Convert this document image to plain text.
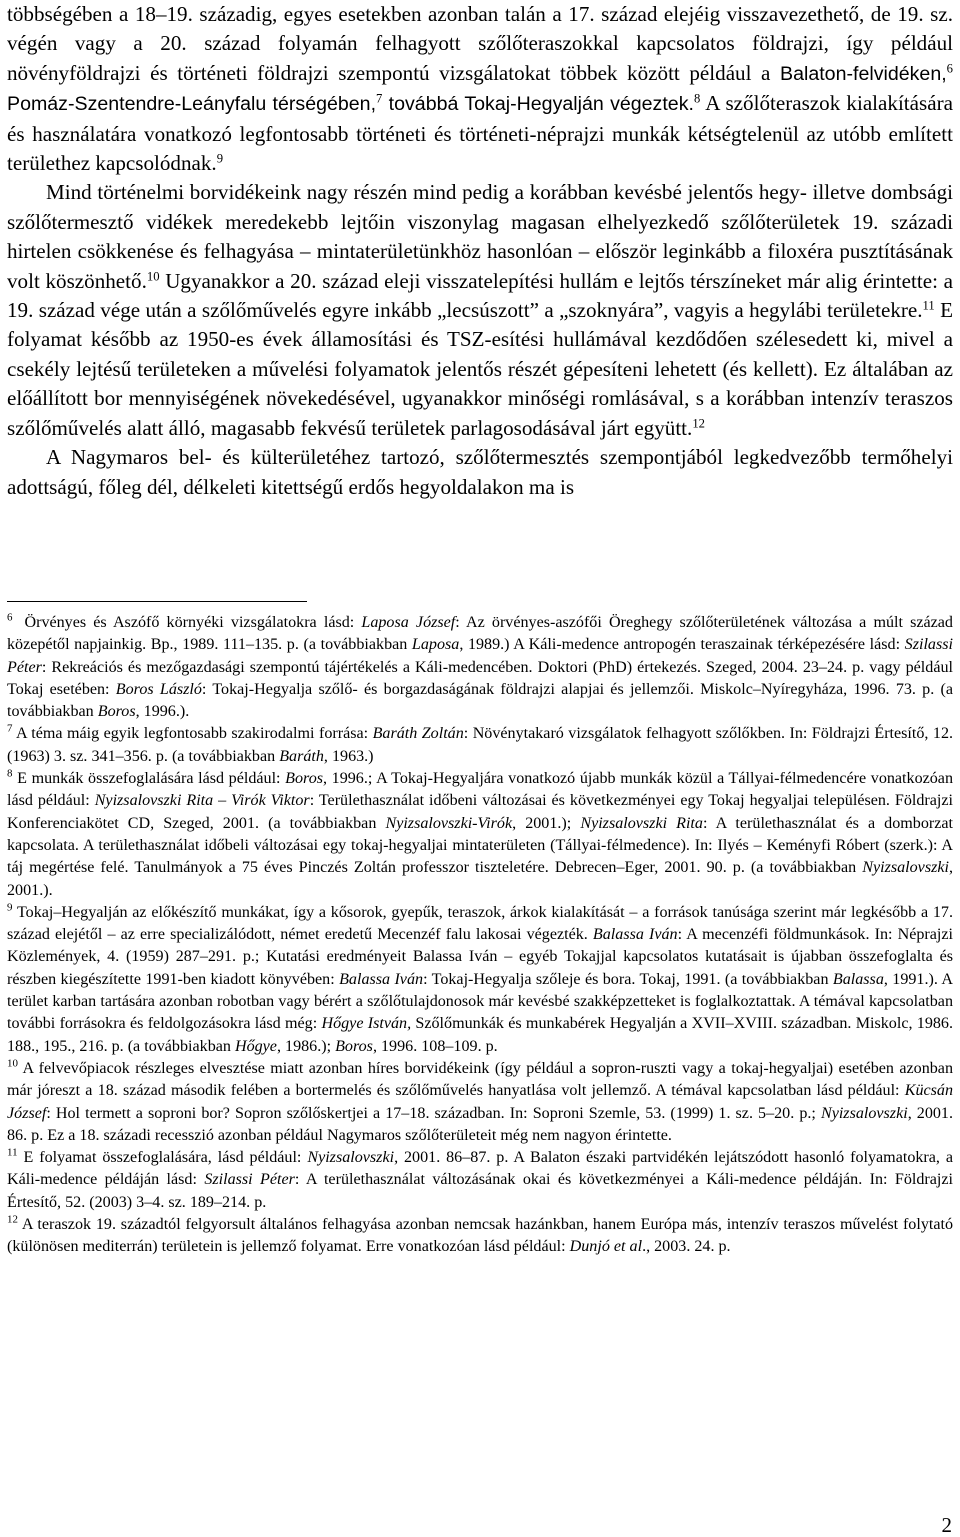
többségében a 18–19. századig, egyes esetekben azonban talán a 17. század elejéig visszavezethető, de 19. sz. végén vagy a 20. század folyamán felhagyott szőlőteraszokkal kapcsolatos földrajzi, így például növényföldrajzi és történeti földrajzi szempontú vizsgálatokat többek között például a Balaton-felvidéken,$^6$ Pomáz-Szentendre-Leányfalu térségében,$^7$ továbbá Tokaj-Hegyalján végeztek.$^8$ A szőlőteraszok kialakítására és használatára vonatkozó legfontosabb történeti és történeti-néprajzi munkák kétségtelenül az utóbb említett területhez kapcsolódnak.$^9$

Mind történelmi borvidékeink nagy részén mind pedig a korábban kevésbé jelentős hegy- illetve dombsági szőlőtermesztő vidékek meredekebb lejtőin viszonylag magasan elhelyezkedő szőlőterületek 19. századi hirtelen csökkenése és felhagyása – mintaterületünkhöz hasonlóan – először leginkább a filoxéra pusztításának volt köszönhető.$^{10}$ Ugyanakkor a 20. század eleji visszatelepítési hullám e lejtős térszíneket már alig érintette: a 19. század vége után a szőlőművelés egyre inkább „lecsúszott” a „szoknyára”, vagyis a hegylábi területekre.$^{11}$ E folyamat később az 1950-es évek államosítási és TSZ-esítési hullámával kezdődően szélesedett ki, mivel a csekély lejtésű területeken a művelési folyamatok jelentős részét gépesíteni lehetett (és kellett). Ez általában az előállított bor mennyiségének növekedésével, ugyanakkor minőségi romlásával, s a korábban intenzív teraszos szőlőművelés alatt álló, magasabb fekvésű területek parlagosodásával járt együtt.$^{12}$

A Nagymaros bel- és külterületéhez tartozó, szőlőtermesztés szempontjából legkedvezőbb termőhelyi adottságú, főleg dél, délkeleti kitettségű erdős hegyoldalakon ma is

$^6$ Örvényes és Aszófő környéki vizsgálatokra lásd: Laposa József: Az örvényes-aszófői Öreghegy szőlőterületének változása a múlt század közepétől napjainkig. Bp., 1989. 111–135. p. (a továbbiakban Laposa, 1989.) A Káli-medence antropogén teraszainak térképezésére lásd: Szilassi Péter: Rekreációs és mezőgazdasági szempontú tájértékelés a Káli-medencében. Doktori (PhD) értekezés. Szeged, 2004. 23–24. p. vagy például Tokaj esetében: Boros László: Tokaj-Hegyalja szőlő- és borgazdaságának földrajzi alapjai és jellemzői. Miskolc–Nyíregyháza, 1996. 73. p. (a továbbiakban Boros, 1996.).

$^7$ A téma máig egyik legfontosabb szakirodalmi forrása: Baráth Zoltán: Növénytakaró vizsgálatok felhagyott szőlőkben. In: Földrajzi Értesítő, 12. (1963) 3. sz. 341–356. p. (a továbbiakban Baráth, 1963.)

$^8$ E munkák összefoglalására lásd például: Boros, 1996.; A Tokaj-Hegyaljára vonatkozó újabb munkák közül a Tállyai-félmedencére vonatkozóan lásd például: Nyizsalovszki Rita – Virók Viktor: Területhasználat időbeni változásai és következményei egy Tokaj hegyaljai településen. Földrajzi Konferenciakötet CD, Szeged, 2001. (a továbbiakban Nyizsalovszki-Virók, 2001.); Nyizsalovszki Rita: A területhasználat és a domborzat kapcsolata. A területhasználat időbeli változásai egy tokaj-hegyaljai mintaterületen (Tállyai-félmedence). In: Ilyés – Keményfi Róbert (szerk.): A táj megértése felé. Tanulmányok a 75 éves Pinczés Zoltán professzor tiszteletére. Debrecen–Eger, 2001. 90. p. (a továbbiakban Nyizsalovszki, 2001.).

$^9$ Tokaj–Hegyalján az előkészítő munkákat, így a kősorok, gyepűk, teraszok, árkok kialakítását – a források tanúsága szerint már legkésőbb a 17. század elejétől – az erre specializálódott, német eredetű Mecenzéf falu lakosai végezték. Balassa Iván: A mecenzéfi földmunkások. In: Néprajzi Közlemények, 4. (1959) 287–291. p.; Kutatási eredményeit Balassa Iván – egyéb Tokajjal kapcsolatos kutatásait is újabban összefoglalta és részben kiegészítette 1991-ben kiadott könyvében: Balassa Iván: Tokaj-Hegyalja szőleje és bora. Tokaj, 1991. (a továbbiakban Balassa, 1991.). A terület karban tartására azonban robotban vagy bérért a szőlőtulajdonosok már kevésbé szakképzetteket is foglalkoztattak. A témával kapcsolatban további forrásokra és feldolgozásokra lásd még: Hőgye István, Szőlőmunkák és munkabérek Hegyalján a XVII–XVIII. században. Miskolc, 1986. 188., 195., 216. p. (a továbbiakban Hőgye, 1986.); Boros, 1996. 108–109. p.

$^{10}$ A felvevőpiacok részleges elvesztése miatt azonban híres borvidékeink (így például a sopron-ruszti vagy a tokaj-hegyaljai) esetében azonban már jóreszt a 18. század második felében a bortermelés és szőlőművelés hanyatlása volt jellemző. A témával kapcsolatban lásd például: Kücsán József: Hol termett a soproni bor? Sopron szőlőskertjei a 17–18. században. In: Soproni Szemle, 53. (1999) 1. sz. 5–20. p.; Nyizsalovszki, 2001. 86. p. Ez a 18. századi recesszió azonban például Nagymaros szőlőterületeit még nem nagyon érintette.

$^{11}$ E folyamat összefoglalására, lásd például: Nyizsalovszki, 2001. 86–87. p. A Balaton északi partvidékén lejátszódott hasonló folyamatokra, a Káli-medence példáján lásd: Szilassi Péter: A területhasználat változásának okai és következményei a Káli-medence példáján. In: Földrajzi Értesítő, 52. (2003) 3–4. sz. 189–214. p.

$^{12}$ A teraszok 19. századtól felgyorsult általános felhagyása azonban nemcsak hazánkban, hanem Európa más, intenzív teraszos művelést folytató (különösen mediterrán) területein is jellemző folyamat. Erre vonatkozóan lásd például: Dunjó et al., 2003. 24. p.

2
